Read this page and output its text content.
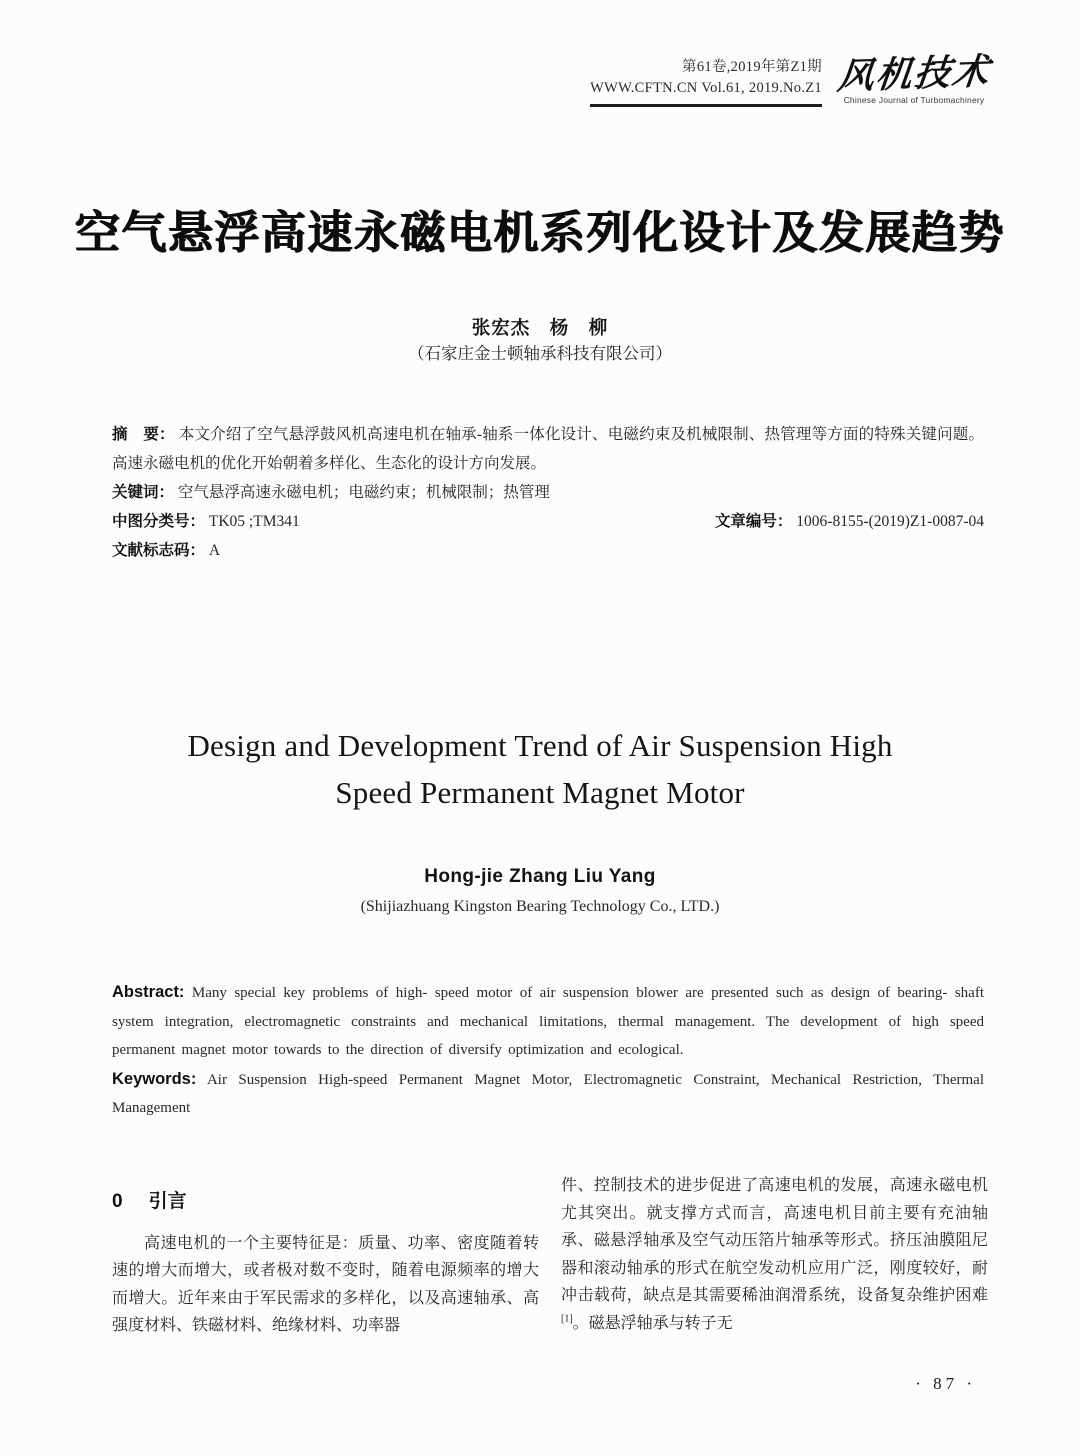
第61卷,2019年第Z1期
WWW.CFTN.CN Vol.61, 2019.No.Z1 风机技术
Chinese Journal of Turbomachinery
空气悬浮高速永磁电机系列化设计及发展趋势
张宏杰　杨　柳
（石家庄金士顿轴承科技有限公司）

摘　要： 本文介绍了空气悬浮鼓风机高速电机在轴承-轴系一体化设计、电磁约束及机械限制、热管理等方面的特殊关键问题。高速永磁电机的优化开始朝着多样化、生态化的设计方向发展。

关键词： 空气悬浮高速永磁电机；电磁约束；机械限制；热管理

中图分类号： TK05 ;TM341	文章编号： 1006-8155-(2019)Z1-0087-04

文献标志码： A

Design and Development Trend of Air Suspension High
Speed Permanent Magnet Motor
Hong-jie Zhang Liu Yang
(Shijiazhuang Kingston Bearing Technology Co., LTD.)

Abstract: Many special key problems of high- speed motor of air suspension blower are presented such as design of bearing- shaft system integration, electromagnetic constraints and mechanical limitations, thermal management. The development of high speed permanent magnet motor towards to the direction of diversify optimization and ecological.

Keywords: Air Suspension High-speed Permanent Magnet Motor, Electromagnetic Constraint, Mechanical Restriction, Thermal Management

0 引言

高速电机的一个主要特征是：质量、功率、密度随着转速的增大而增大，或者极对数不变时，随着电源频率的增大而增大。近年来由于军民需求的多样化，以及高速轴承、高强度材料、铁磁材料、绝缘材料、功率器

件、控制技术的进步促进了高速电机的发展，高速永磁电机尤其突出。就支撑方式而言，高速电机目前主要有充油轴承、磁悬浮轴承及空气动压箔片轴承等形式。挤压油膜阻尼器和滚动轴承的形式在航空发动机应用广泛，刚度较好，耐冲击载荷，缺点是其需要稀油润滑系统，设备复杂维护困难[1]。磁悬浮轴承与转子无

· 87 ·
